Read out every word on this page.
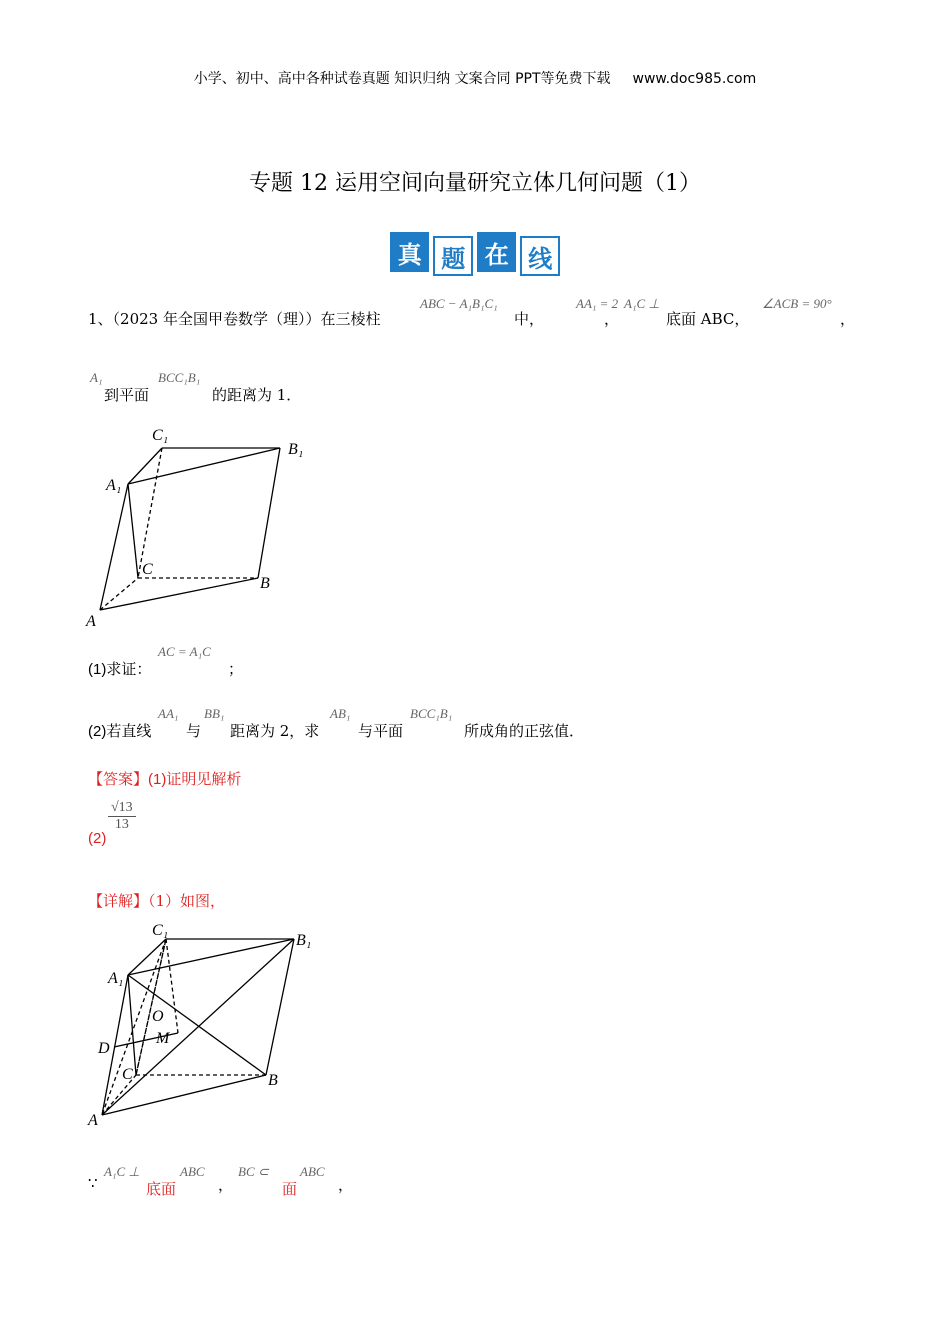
小学、初中、高中各种试卷真题 知识归纳 文案合同 PPT等免费下载 www.doc985.com
专题 12 运用空间向量研究立体几何问题（1）
真 题 在 线
1、（2023 年全国甲卷数学（理））在三棱柱
ABC − A₁B₁C₁
中，
AA₁ = 2
，
A₁C ⊥
底面 ABC，
∠ACB = 90°
，
A₁
到平面
BCC₁B₁
的距离为 1．
C₁
B₁
A₁
C
B
A
(1)求证：
AC = A₁C
；
(2)若直线
AA₁
与
BB₁
距离为 2，求
AB₁
与平面
BCC₁B₁
所成角的正弦值．
【答案】(1)证明见解析
(2)
$\frac{√13}{13}$
【详解】（1）如图，
C₁
B₁
A₁
O
M
D
C	B
A
∵
A₁C ⊥
底面
ABC
，
BC ⊂
面
ABC
，
